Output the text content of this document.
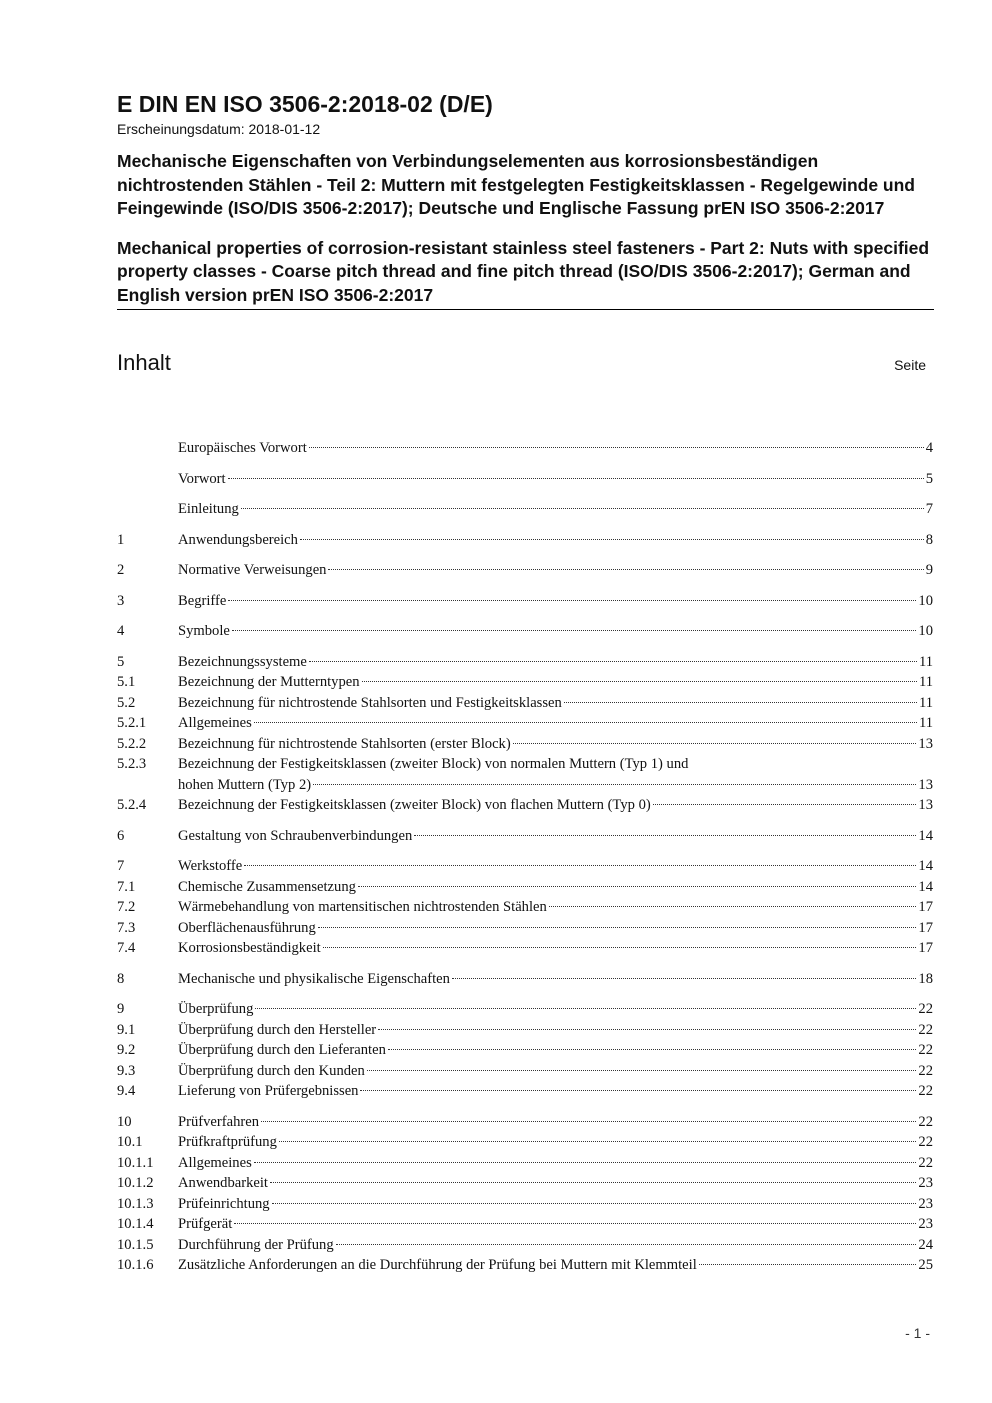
E DIN EN ISO 3506-2:2018-02 (D/E)
Erscheinungsdatum: 2018-01-12

Mechanische Eigenschaften von Verbindungselementen aus korrosionsbeständigen nichtrostenden Stählen - Teil 2: Muttern mit festgelegten Festigkeitsklassen - Regelgewinde und Feingewinde (ISO/DIS 3506-2:2017); Deutsche und Englische Fassung prEN ISO 3506-2:2017

Mechanical properties of corrosion-resistant stainless steel fasteners - Part 2: Nuts with specified property classes - Coarse pitch thread and fine pitch thread (ISO/DIS 3506-2:2017); German and English version prEN ISO 3506-2:2017

Inhalt	Seite
Europäisches Vorwort	4
Vorwort	5
Einleitung	7
1	Anwendungsbereich	8
2	Normative Verweisungen	9
3	Begriffe	10
4	Symbole	10
5	Bezeichnungssysteme	11
5.1	Bezeichnung der Mutterntypen	11
5.2	Bezeichnung für nichtrostende Stahlsorten und Festigkeitsklassen	11
5.2.1	Allgemeines	11
5.2.2	Bezeichnung für nichtrostende Stahlsorten (erster Block)	13
5.2.3	Bezeichnung der Festigkeitsklassen (zweiter Block) von normalen Muttern (Typ 1) und
hohen Muttern (Typ 2)	13
5.2.4	Bezeichnung der Festigkeitsklassen (zweiter Block) von flachen Muttern (Typ 0)	13
6	Gestaltung von Schraubenverbindungen	14
7	Werkstoffe	14
7.1	Chemische Zusammensetzung	14
7.2	Wärmebehandlung von martensitischen nichtrostenden Stählen	17
7.3	Oberflächenausführung	17
7.4	Korrosionsbeständigkeit	17
8	Mechanische und physikalische Eigenschaften	18
9	Überprüfung	22
9.1	Überprüfung durch den Hersteller	22
9.2	Überprüfung durch den Lieferanten	22
9.3	Überprüfung durch den Kunden	22
9.4	Lieferung von Prüfergebnissen	22
10	Prüfverfahren	22
10.1	Prüfkraftprüfung	22
10.1.1	Allgemeines	22
10.1.2	Anwendbarkeit	23
10.1.3	Prüfeinrichtung	23
10.1.4	Prüfgerät	23
10.1.5	Durchführung der Prüfung	24
10.1.6	Zusätzliche Anforderungen an die Durchführung der Prüfung bei Muttern mit Klemmteil	25
- 1 -
